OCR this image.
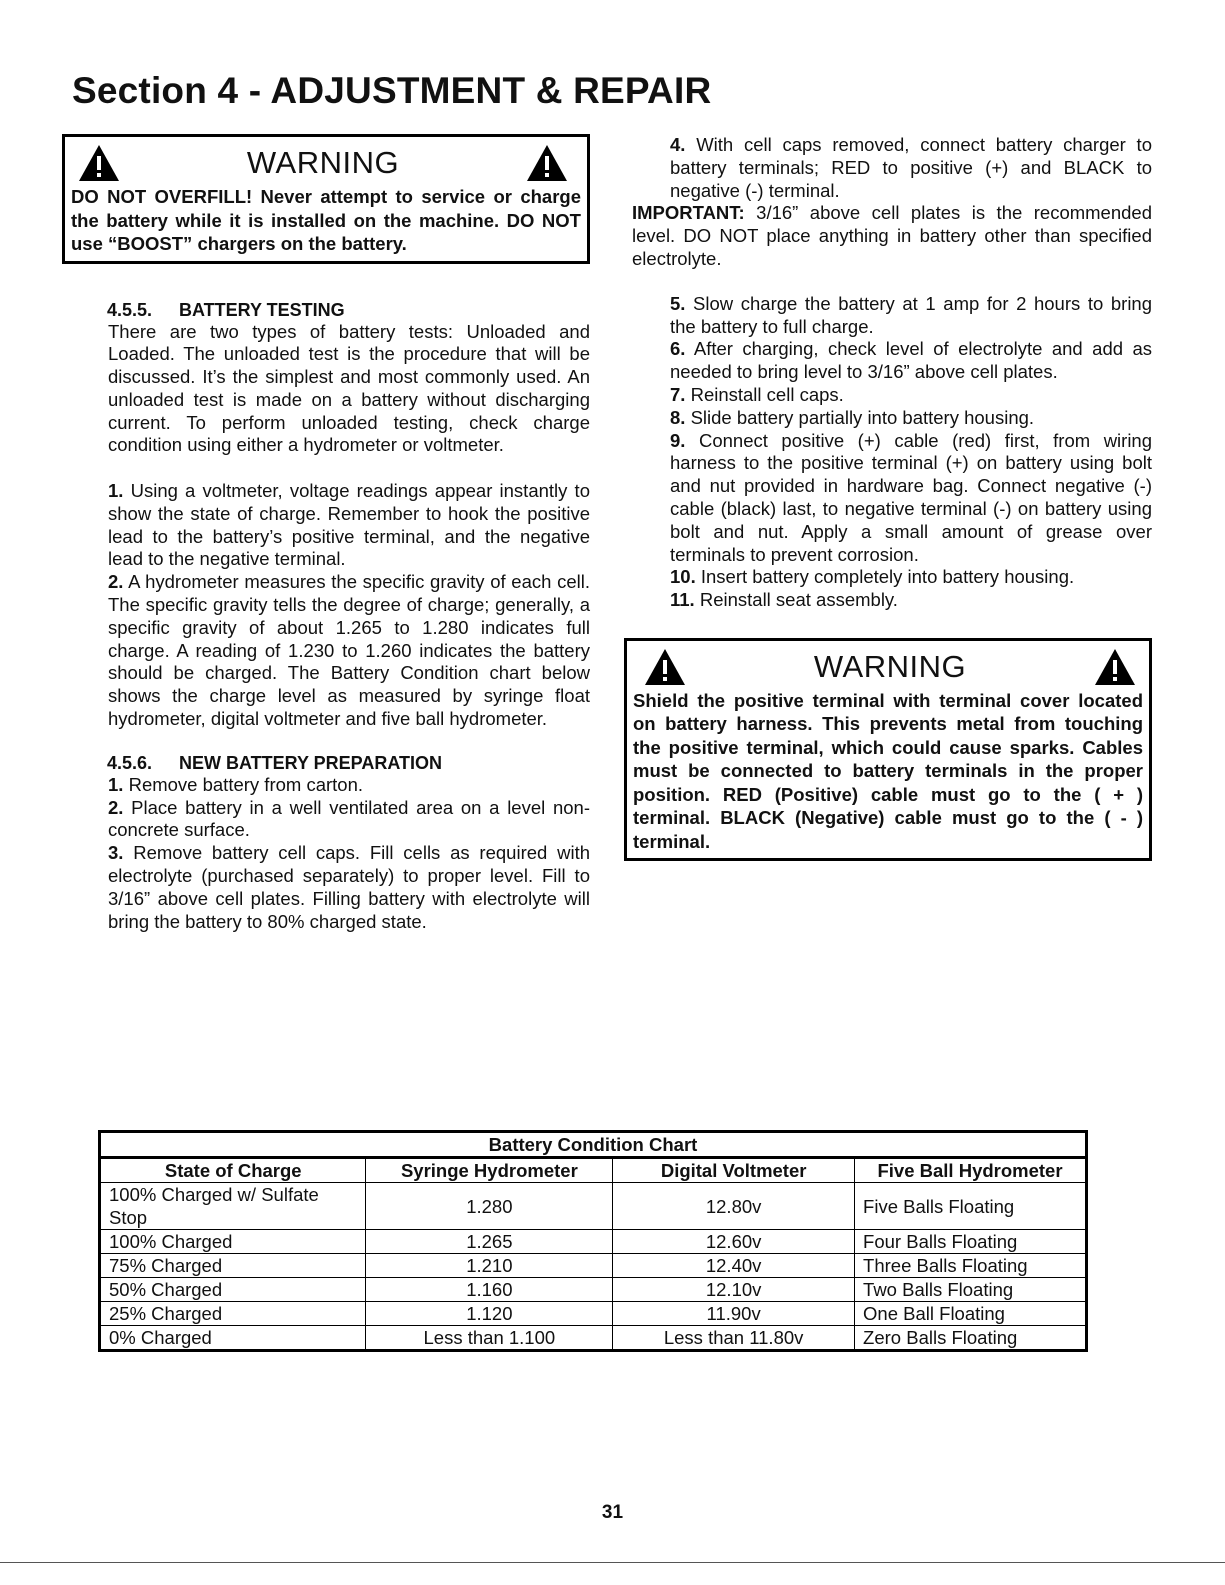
Section 4 - ADJUSTMENT & REPAIR
WARNING
DO NOT OVERFILL! Never attempt to service or charge the battery while it is installed on the machine. DO NOT use “BOOST” chargers on the battery.
4.5.5. BATTERY TESTING

There are two types of battery tests: Unloaded and Loaded. The unloaded test is the procedure that will be discussed. It’s the simplest and most commonly used. An unloaded test is made on a battery without discharging current. To perform unloaded testing, check charge condition using either a hydrometer or voltmeter.

1. Using a voltmeter, voltage readings appear instantly to show the state of charge. Remember to hook the positive lead to the battery’s positive terminal, and the negative lead to the negative terminal.

2. A hydrometer measures the specific gravity of each cell. The specific gravity tells the degree of charge; generally, a specific gravity of about 1.265 to 1.280 indicates full charge. A reading of 1.230 to 1.260 indicates the battery should be charged. The Battery Condition chart below shows the charge level as measured by syringe float hydrometer, digital voltmeter and five ball hydrometer.

4.5.6. NEW BATTERY PREPARATION

1. Remove battery from carton.

2. Place battery in a well ventilated area on a level non-concrete surface.

3. Remove battery cell caps. Fill cells as required with electrolyte (purchased separately) to proper level. Fill to 3/16” above cell plates. Filling battery with electrolyte will bring the battery to 80% charged state.

4. With cell caps removed, connect battery charger to battery terminals; RED to positive (+) and BLACK to negative (-) terminal.

IMPORTANT: 3/16” above cell plates is the recommended level. DO NOT place anything in battery other than specified electrolyte.

5. Slow charge the battery at 1 amp for 2 hours to bring the battery to full charge.

6. After charging, check level of electrolyte and add as needed to bring level to 3/16” above cell plates.

7. Reinstall cell caps.

8. Slide battery partially into battery housing.

9. Connect positive (+) cable (red) first, from wiring harness to the positive terminal (+) on battery using bolt and nut provided in hardware bag. Connect negative (-) cable (black) last, to negative terminal (-) on battery using bolt and nut. Apply a small amount of grease over terminals to prevent corrosion.

10. Insert battery completely into battery housing.

11. Reinstall seat assembly.

WARNING
Shield the positive terminal with terminal cover located on battery harness. This prevents metal from touching the positive terminal, which could cause sparks. Cables must be connected to battery terminals in the proper position. RED (Positive) cable must go to the ( + ) terminal. BLACK (Negative) cable must go to the ( - ) terminal.
Battery Condition Chart			
State of Charge	Syringe Hydrometer	Digital Voltmeter	Five Ball Hydrometer
100% Charged w/ Sulfate Stop	1.280	12.80v	Five Balls Floating
100% Charged	1.265	12.60v	Four Balls Floating
75% Charged	1.210	12.40v	Three Balls Floating
50% Charged	1.160	12.10v	Two Balls Floating
25% Charged	1.120	11.90v	One Ball Floating
0% Charged	Less than 1.100	Less than 11.80v	Zero Balls Floating
31
